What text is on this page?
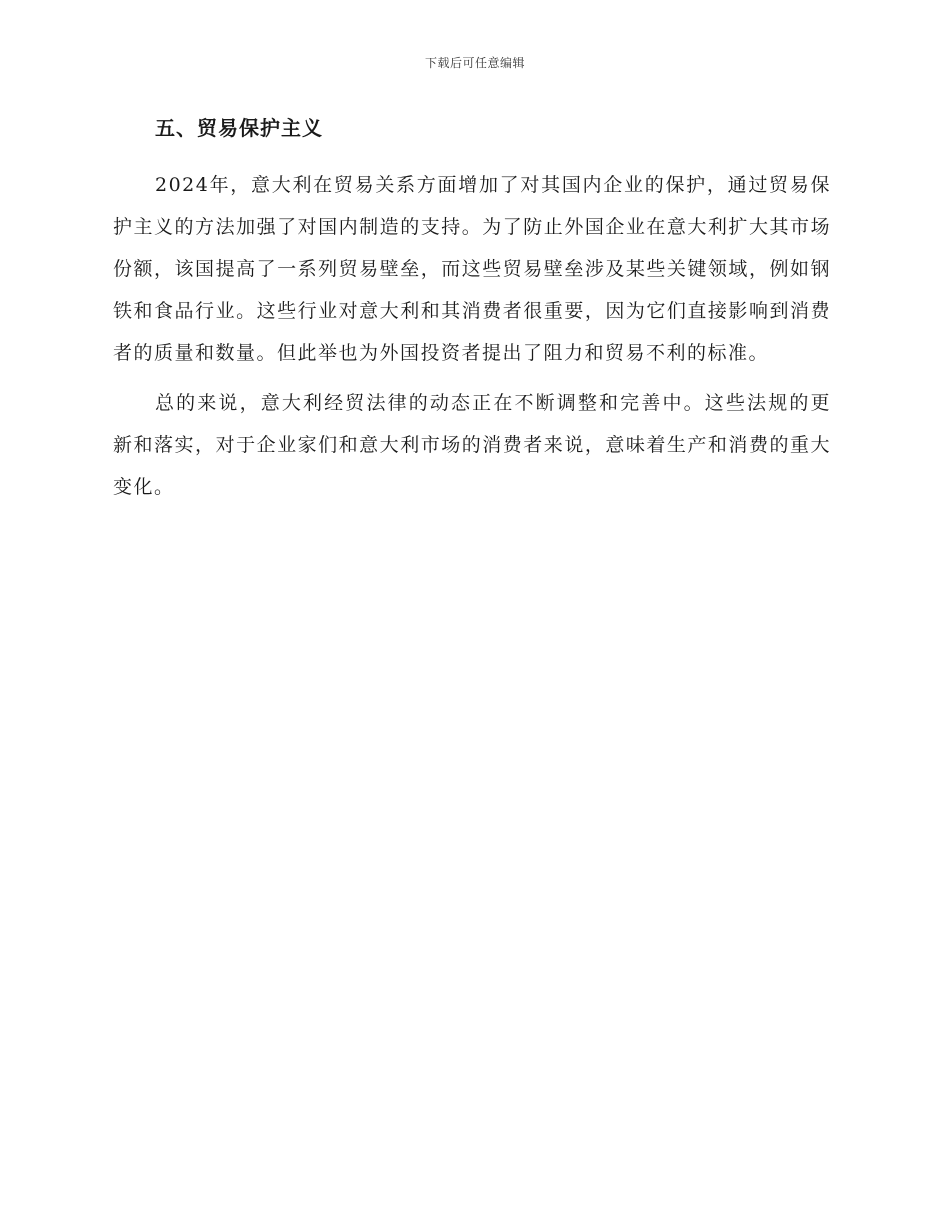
下载后可任意编辑
五、贸易保护主义

2024年，意大利在贸易关系方面增加了对其国内企业的保护，通过贸易保护主义的方法加强了对国内制造的支持。为了防止外国企业在意大利扩大其市场份额，该国提高了一系列贸易壁垒，而这些贸易壁垒涉及某些关键领域，例如钢铁和食品行业。这些行业对意大利和其消费者很重要，因为它们直接影响到消费者的质量和数量。但此举也为外国投资者提出了阻力和贸易不利的标准。

总的来说，意大利经贸法律的动态正在不断调整和完善中。这些法规的更新和落实，对于企业家们和意大利市场的消费者来说，意味着生产和消费的重大变化。
